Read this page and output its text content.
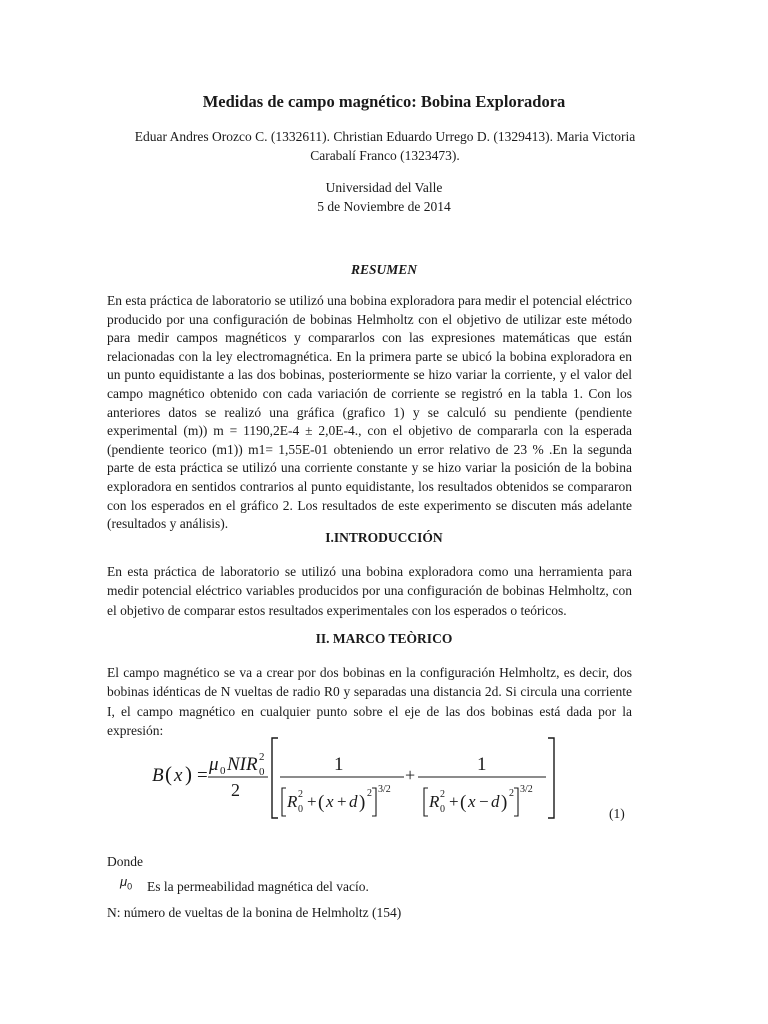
Medidas de campo magnético: Bobina Exploradora
Eduar Andres Orozco C. (1332611). Christian Eduardo Urrego D. (1329413). Maria Victoria Carabalí Franco (1323473).
Universidad del Valle
5 de Noviembre de 2014
RESUMEN
En esta práctica de laboratorio se utilizó una bobina exploradora para medir el potencial eléctrico producido por una configuración de bobinas Helmholtz con el objetivo de utilizar este método para medir campos magnéticos y compararlos con las expresiones matemáticas que están relacionadas con la ley electromagnética. En la primera parte se ubicó la bobina exploradora en un punto equidistante a las dos bobinas, posteriormente se hizo variar la corriente, y el valor del campo magnético obtenido con cada variación de corriente se registró en la tabla 1. Con los anteriores datos se realizó una gráfica (grafico 1) y se calculó su pendiente (pendiente experimental (m)) m = 1190,2E-4 ± 2,0E-4., con el objetivo de compararla con la esperada (pendiente teorico (m1)) m1= 1,55E-01 obteniendo un error relativo de 23 % .En la segunda parte de esta práctica se utilizó una corriente constante y se hizo variar la posición de la bobina exploradora en sentidos contrarios al punto equidistante, los resultados obtenidos se compararon con los esperados en el gráfico 2. Los resultados de este experimento se discuten más adelante (resultados y análisis).
I.INTRODUCCIÓN
En esta práctica de laboratorio se utilizó una bobina exploradora como una herramienta para medir potencial eléctrico variables producidos por una configuración de bobinas Helmholtz, con el objetivo de comparar estos resultados experimentales con los esperados o teóricos.
II. MARCO TEÒRICO
El campo magnético se va a crear por dos bobinas en la configuración Helmholtz, es decir, dos bobinas idénticas de N vueltas de radio R0 y separadas una distancia 2d. Si circula una corriente I, el campo magnético en cualquier punto sobre el eje de las dos bobinas está dada por la expresión:
B ( x ) =
μ 0 NIR 0
2
2
1
R 0
2 + ( x + d ) 2 3/2
+	1
R 0
2 + ( x − d ) 2 3/2
(1)
Donde
$\mu_0$ Es la permeabilidad magnética del vacío.
N: número de vueltas de la bonina de Helmholtz (154)
